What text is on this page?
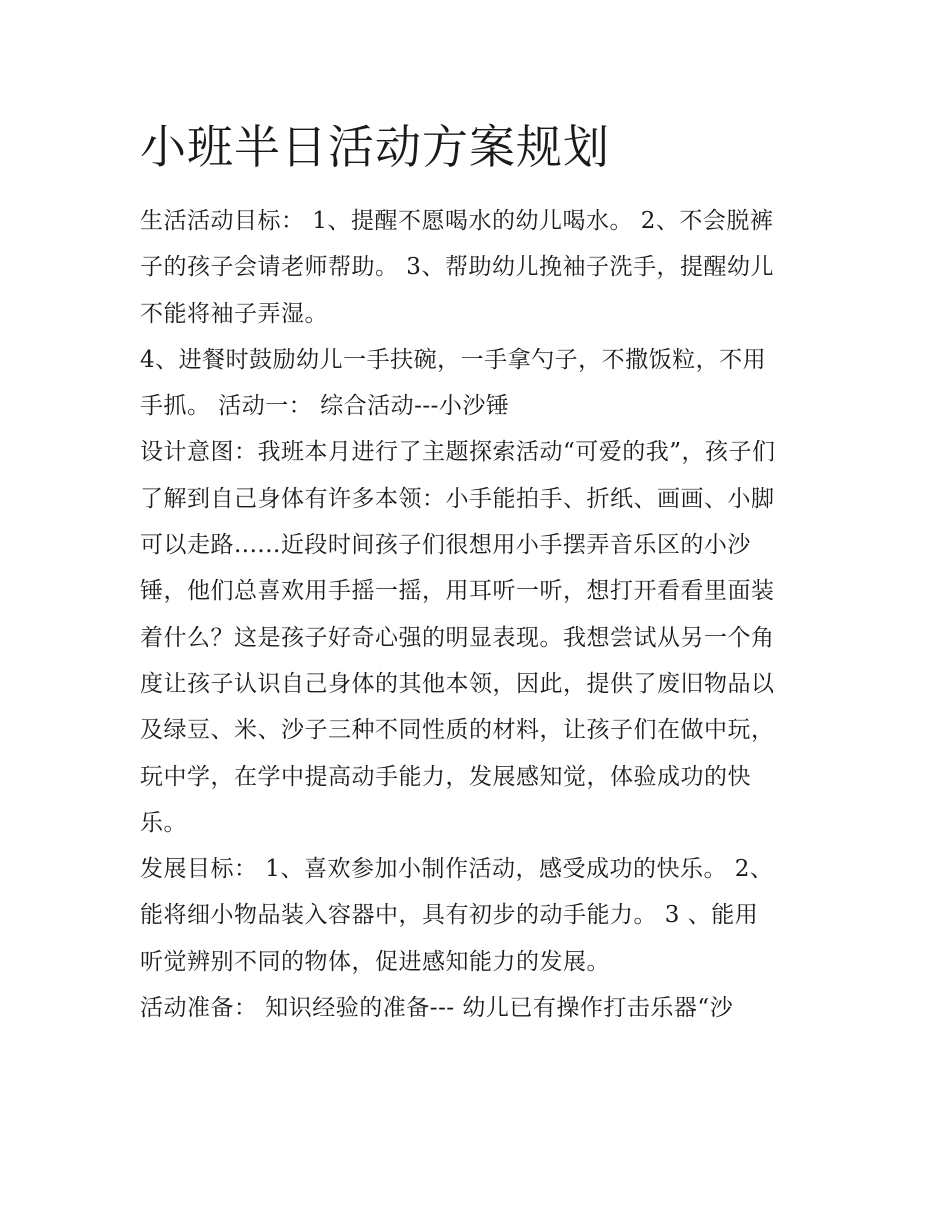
小班半日活动方案规划
生活活动目标： 1、提醒不愿喝水的幼儿喝水。 2、不会脱裤
子的孩子会请老师帮助。 3、帮助幼儿挽袖子洗手，提醒幼儿
不能将袖子弄湿。
4、进餐时鼓励幼儿一手扶碗，一手拿勺子，不撒饭粒，不用
手抓。 活动一： 综合活动---小沙锤
设计意图：我班本月进行了主题探索活动“可爱的我”，孩子们
了解到自己身体有许多本领：小手能拍手、折纸、画画、小脚
可以走路......近段时间孩子们很想用小手摆弄音乐区的小沙
锤，他们总喜欢用手摇一摇，用耳听一听，想打开看看里面装
着什么？这是孩子好奇心强的明显表现。我想尝试从另一个角
度让孩子认识自己身体的其他本领，因此，提供了废旧物品以
及绿豆、米、沙子三种不同性质的材料，让孩子们在做中玩，
玩中学，在学中提高动手能力，发展感知觉，体验成功的快
乐。
发展目标： 1、喜欢参加小制作活动，感受成功的快乐。 2、
能将细小物品装入容器中，具有初步的动手能力。 3 、能用
听觉辨别不同的物体，促进感知能力的发展。
活动准备： 知识经验的准备--- 幼儿已有操作打击乐器“沙
